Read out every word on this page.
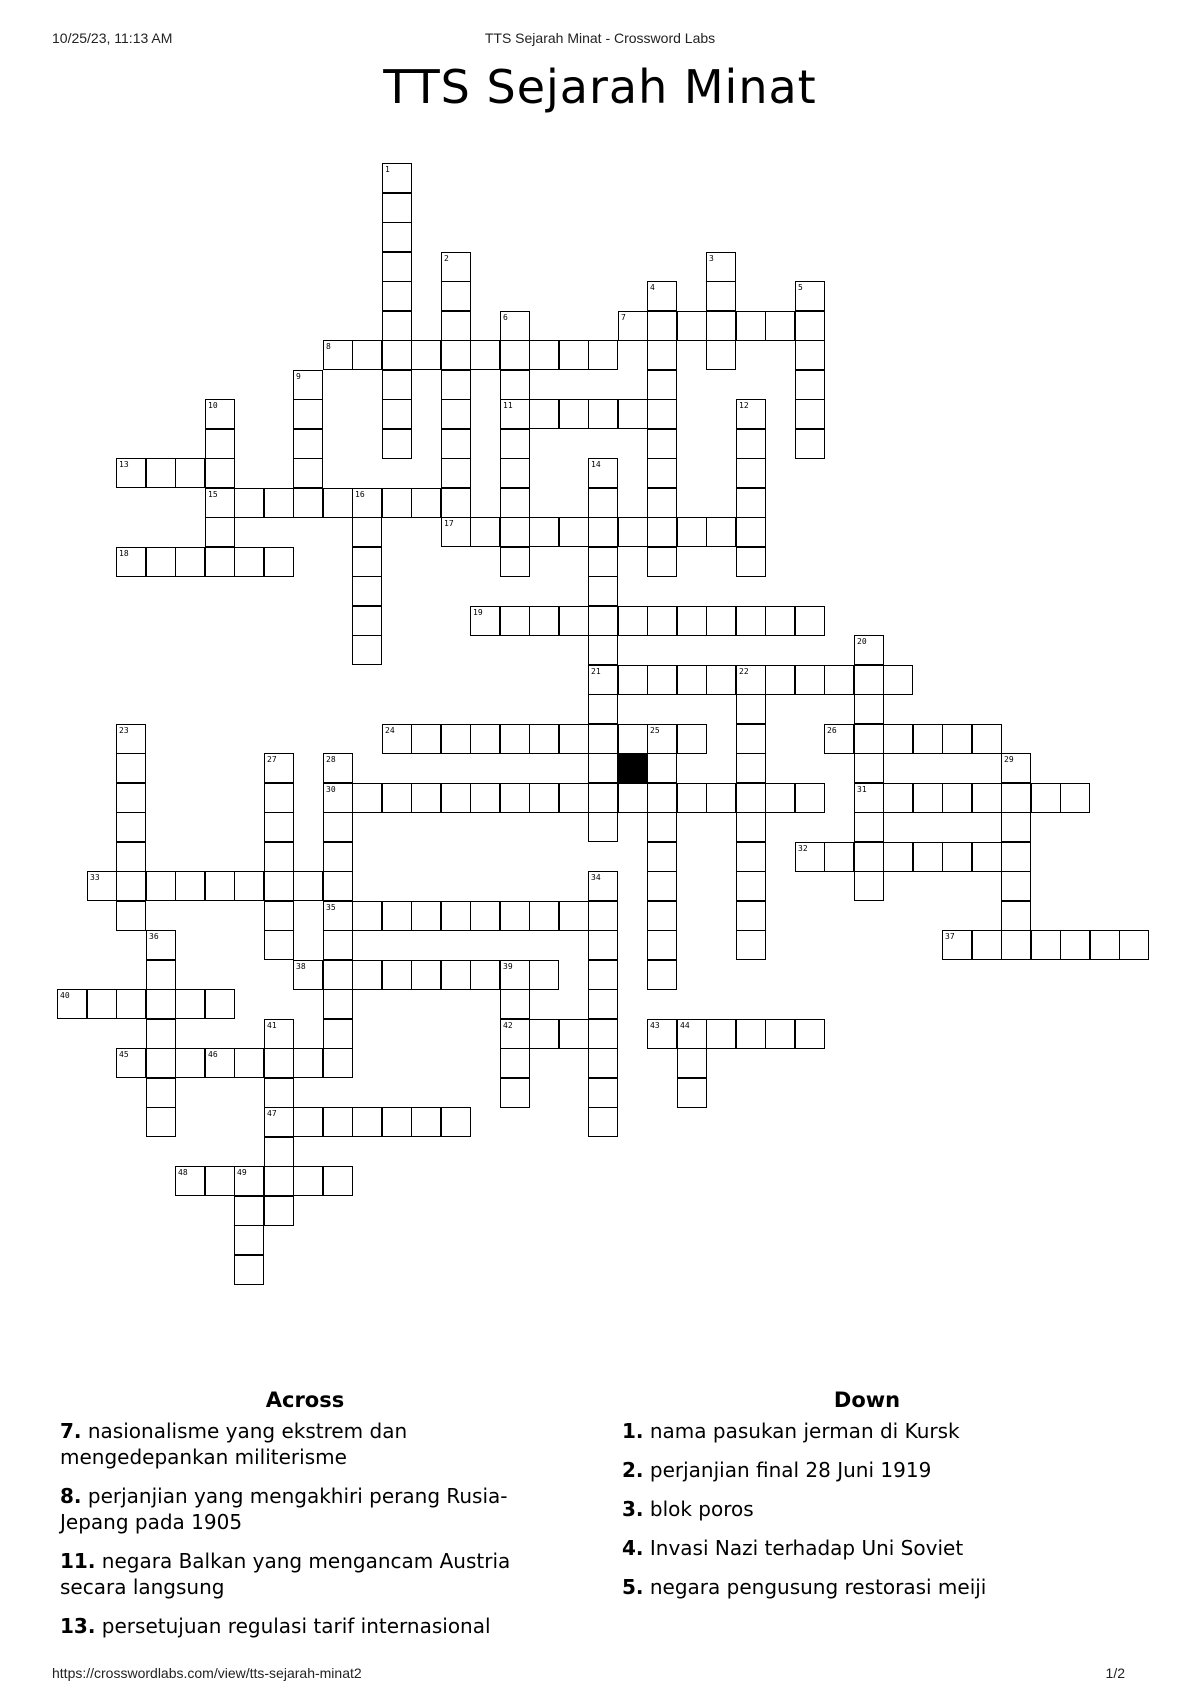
10/25/23, 11:13 AM	TTS Sejarah Minat - Crossword Labs
TTS Sejarah Minat
1
2	3
4	5
6
11
7
8
9
10
15
12
13	14
21
16
17
18
19
20
31
22
23	24	25	26
27	28
30
35
29
32
33	34
36	37
38	39
42
40
41
47
43	44
45	46
48	49
Across
7. nasionalisme yang ekstrem dan mengedepankan militerisme
8. perjanjian yang mengakhiri perang Rusia-Jepang pada 1905
11. negara Balkan yang mengancam Austria secara langsung
13. persetujuan regulasi tarif internasional
Down
1. nama pasukan jerman di Kursk
2. perjanjian final 28 Juni 1919
3. blok poros
4. Invasi Nazi terhadap Uni Soviet
5. negara pengusung restorasi meiji
https://crosswordlabs.com/view/tts-sejarah-minat2	1/2
